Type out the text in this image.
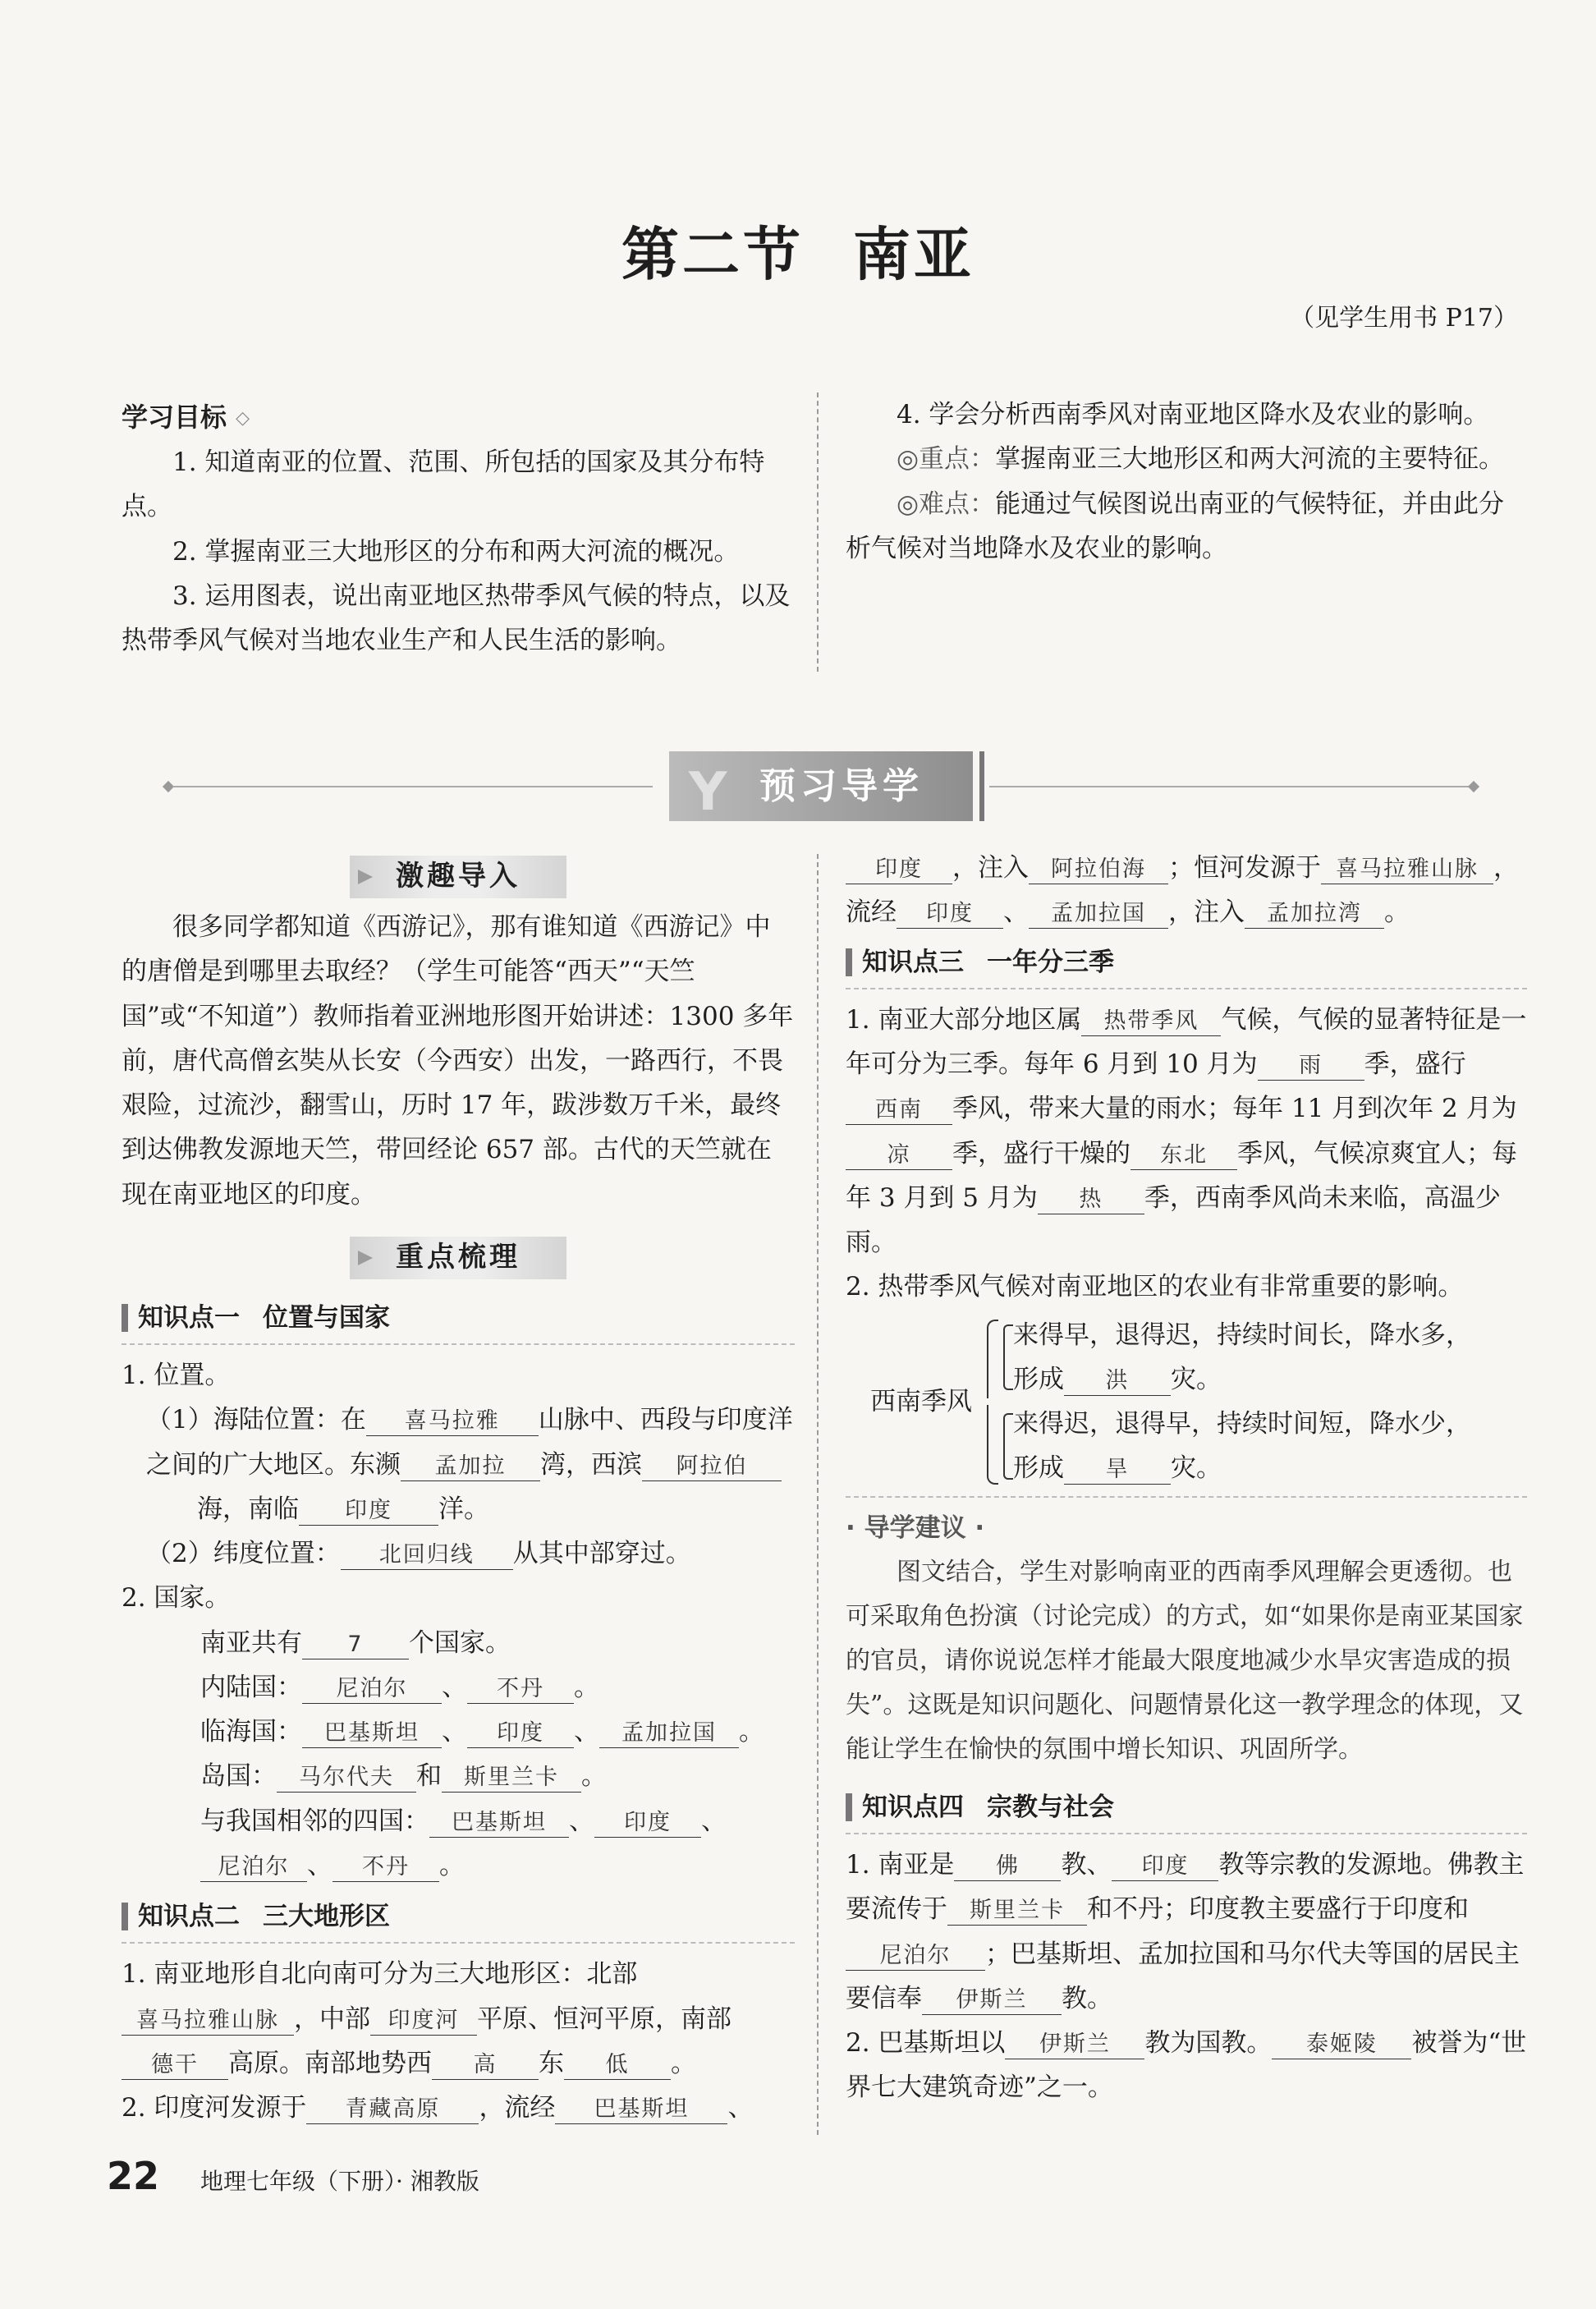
第二节 南亚
（见学生用书 P17）

学习目标 ◇

1. 知道南亚的位置、范围、所包括的国家及其分布特点。

2. 掌握南亚三大地形区的分布和两大河流的概况。

3. 运用图表，说出南亚地区热带季风气候的特点，以及热带季风气候对当地农业生产和人民生活的影响。

4. 学会分析西南季风对南亚地区降水及农业的影响。

◎重点：掌握南亚三大地形区和两大河流的主要特征。

◎难点：能通过气候图说出南亚的气候特征，并由此分析气候对当地降水及农业的影响。

Y 预习导学
激趣导入

很多同学都知道《西游记》，那有谁知道《西游记》中的唐僧是到哪里去取经？（学生可能答“西天”“天竺国”或“不知道”）教师指着亚洲地形图开始讲述：1300 多年前，唐代高僧玄奘从长安（今西安）出发，一路西行，不畏艰险，过流沙，翻雪山，历时 17 年，跋涉数万千米，最终到达佛教发源地天竺，带回经论 657 部。古代的天竺就在现在南亚地区的印度。

重点梳理
知识点一 位置与国家

1. 位置。

（1）海陆位置：在 喜马拉雅 山脉中、西段与印度洋之间的广大地区。东濒 孟加拉 湾，西滨 阿拉伯
海，南临 印度 洋。

（2）纬度位置： 北回归线 从其中部穿过。

2. 国家。

南亚共有 7 个国家。

内陆国： 尼泊尔 、 不丹 。

临海国： 巴基斯坦 、 印度 、 孟加拉国 。

岛国： 马尔代夫 和 斯里兰卡 。

与我国相邻的四国： 巴基斯坦 、 印度 、尼泊尔 、 不丹 。

知识点二 三大地形区

1. 南亚地形自北向南可分为三大地形区：北部喜马拉雅山脉 ，中部 印度河 平原、恒河平原，南部德干 高原。南部地势西 高 东 低 。

2. 印度河发源于 青藏高原 ，流经 巴基斯坦 、

印度 ，注入 阿拉伯海 ；恒河发源于 喜马拉雅山脉 ，流经 印度 、 孟加拉国 ，注入 孟加拉湾 。

知识点三 一年分三季

1. 南亚大部分地区属 热带季风 气候，气候的显著特征是一年可分为三季。每年 6 月到 10 月为 雨 季，盛行西南 季风，带来大量的雨水；每年 11 月到次年 2 月为凉 季，盛行干燥的 东北 季风，气候凉爽宜人；每年 3 月到 5 月为 热 季，西南季风尚未来临，高温少雨。

2. 热带季风气候对南亚地区的农业有非常重要的影响。

西南季风

来得早，退得迟，持续时间长，降水多，

形成 洪 灾。

来得迟，退得早，持续时间短，降水少，

形成 旱 灾。

· 导学建议 ·

图文结合，学生对影响南亚的西南季风理解会更透彻。也可采取角色扮演（讨论完成）的方式，如“如果你是南亚某国家的官员，请你说说怎样才能最大限度地减少水旱灾害造成的损失”。这既是知识问题化、问题情景化这一教学理念的体现，又能让学生在愉快的氛围中增长知识、巩固所学。

知识点四 宗教与社会

1. 南亚是 佛 教、 印度 教等宗教的发源地。佛教主要流传于 斯里兰卡 和不丹；印度教主要盛行于印度和尼泊尔 ；巴基斯坦、孟加拉国和马尔代夫等国的居民主要信奉 伊斯兰 教。

2. 巴基斯坦以 伊斯兰 教为国教。 泰姬陵 被誉为“世界七大建筑奇迹”之一。

22 地理七年级（下册）· 湘教版
